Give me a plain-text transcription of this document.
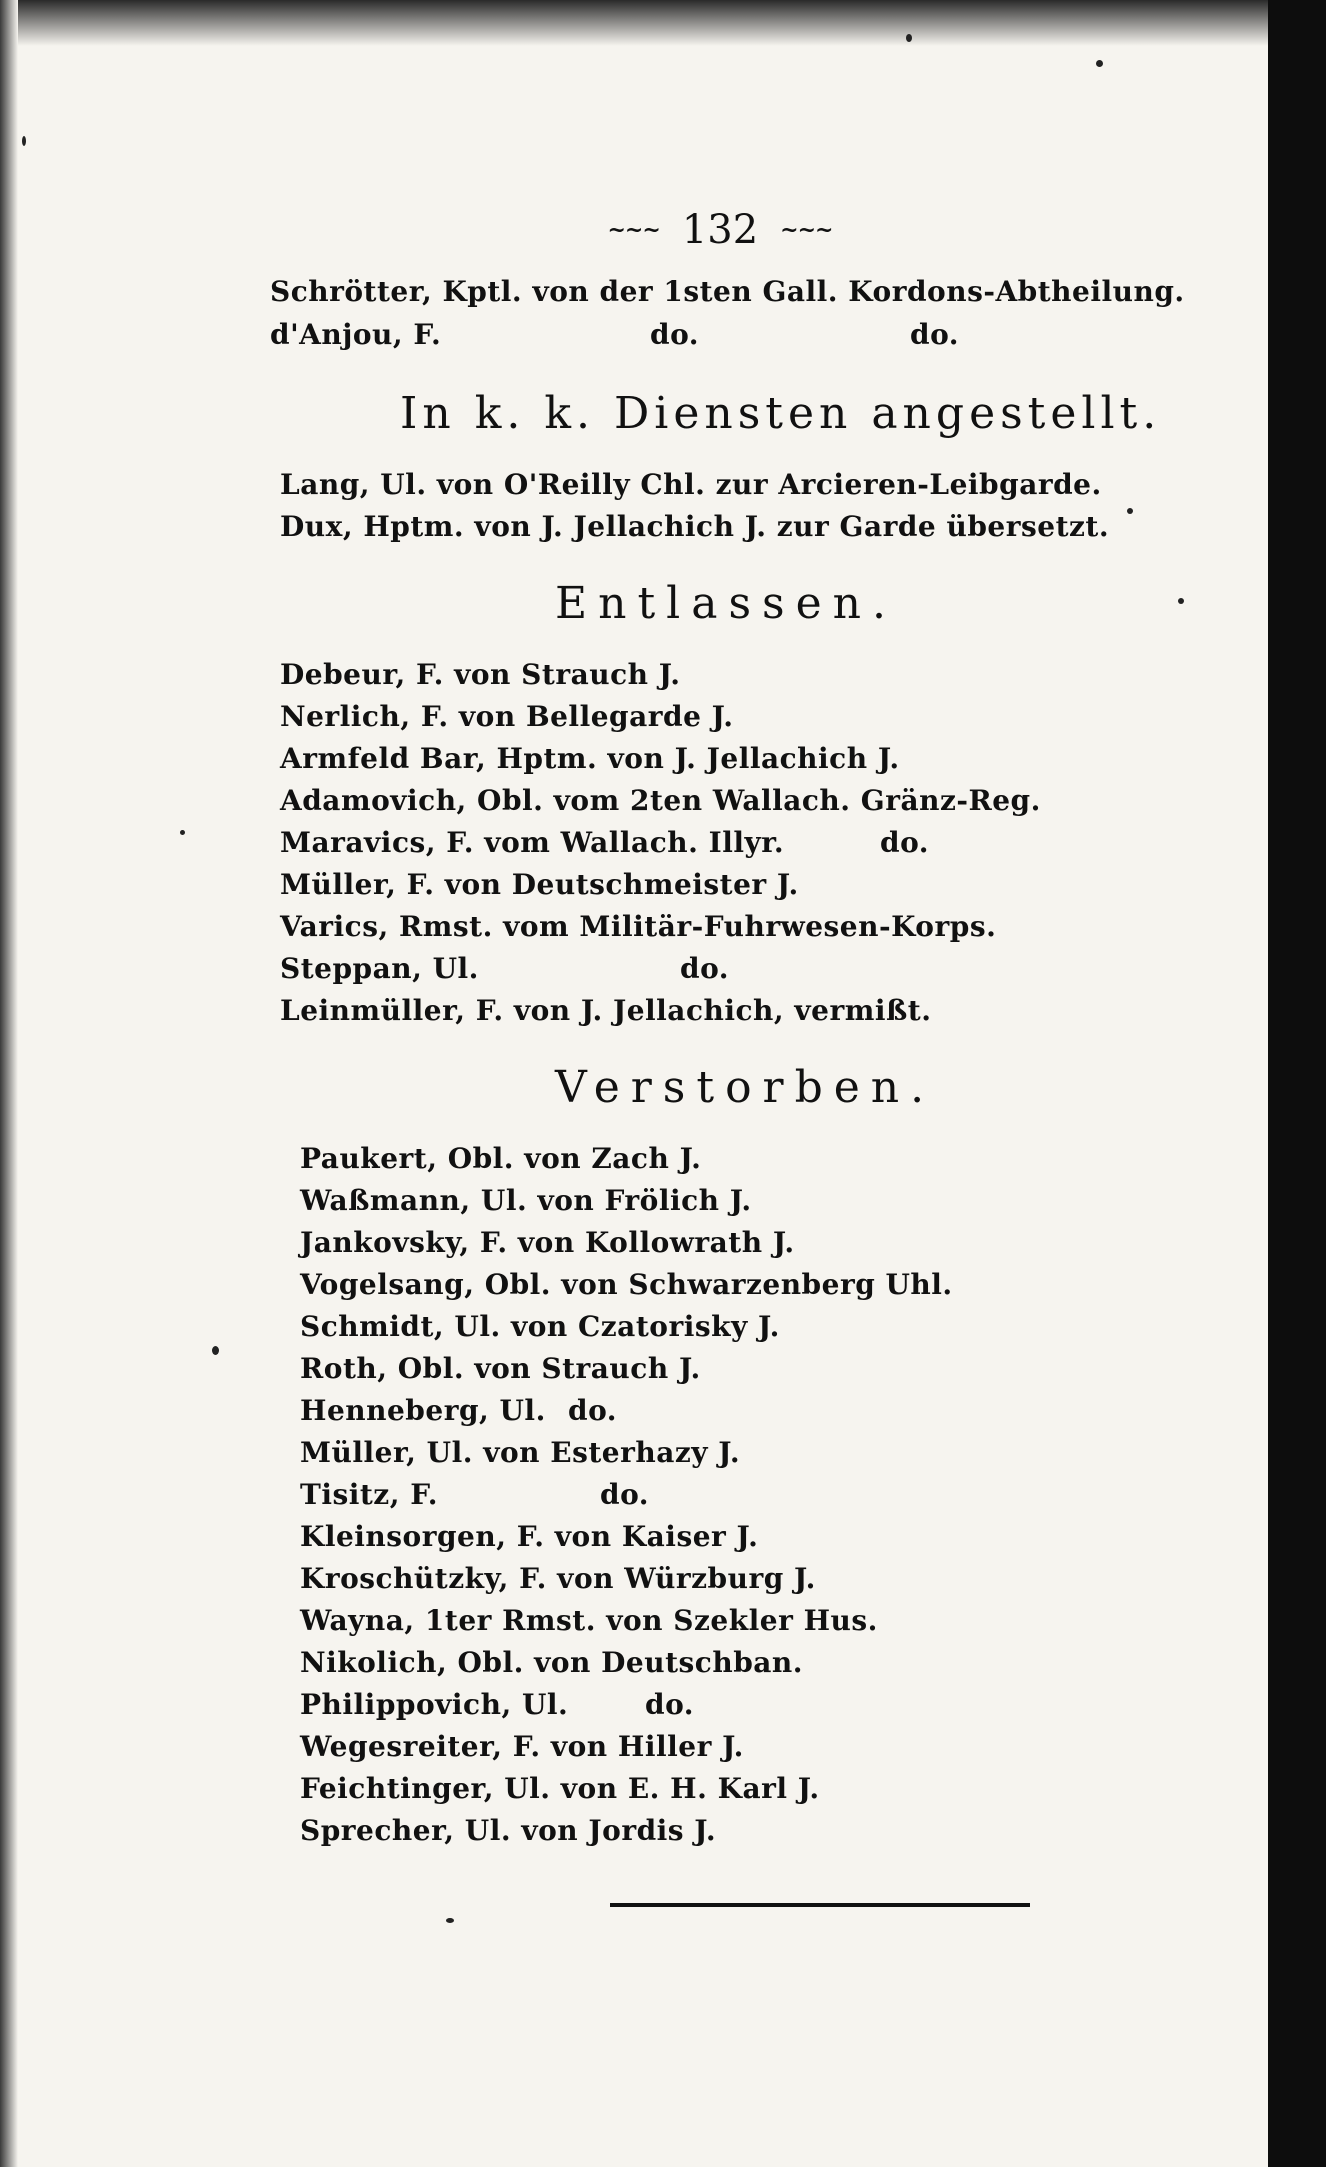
~~~ 132 ~~~
Schrötter, Kptl. von der 1sten Gall. Kordons-Abtheilung.
d'Anjou, F.	do.	do.
In k. k. Diensten angestellt.
Lang, Ul. von O'Reilly Chl. zur Arcieren-Leibgarde.
Dux, Hptm. von J. Jellachich J. zur Garde übersetzt.
Entlassen.
Debeur, F. von Strauch J.
Nerlich, F. von Bellegarde J.
Armfeld Bar, Hptm. von J. Jellachich J.
Adamovich, Obl. vom 2ten Wallach. Gränz-Reg.
Maravics, F. vom Wallach. Illyr.	do.
Müller, F. von Deutschmeister J.
Varics, Rmst. vom Militär-Fuhrwesen-Korps.
Steppan, Ul.	do.
Leinmüller, F. von J. Jellachich, vermißt.
Verstorben.
Paukert, Obl. von Zach J.
Waßmann, Ul. von Frölich J.
Jankovsky, F. von Kollowrath J.
Vogelsang, Obl. von Schwarzenberg Uhl.
Schmidt, Ul. von Czatorisky J.
Roth, Obl. von Strauch J.
Henneberg, Ul. do.
Müller, Ul. von Esterhazy J.
Tisitz, F.	do.
Kleinsorgen, F. von Kaiser J.
Kroschützky, F. von Würzburg J.
Wayna, 1ter Rmst. von Szekler Hus.
Nikolich, Obl. von Deutschban.
Philippovich, Ul.	do.
Wegesreiter, F. von Hiller J.
Feichtinger, Ul. von E. H. Karl J.
Sprecher, Ul. von Jordis J.
